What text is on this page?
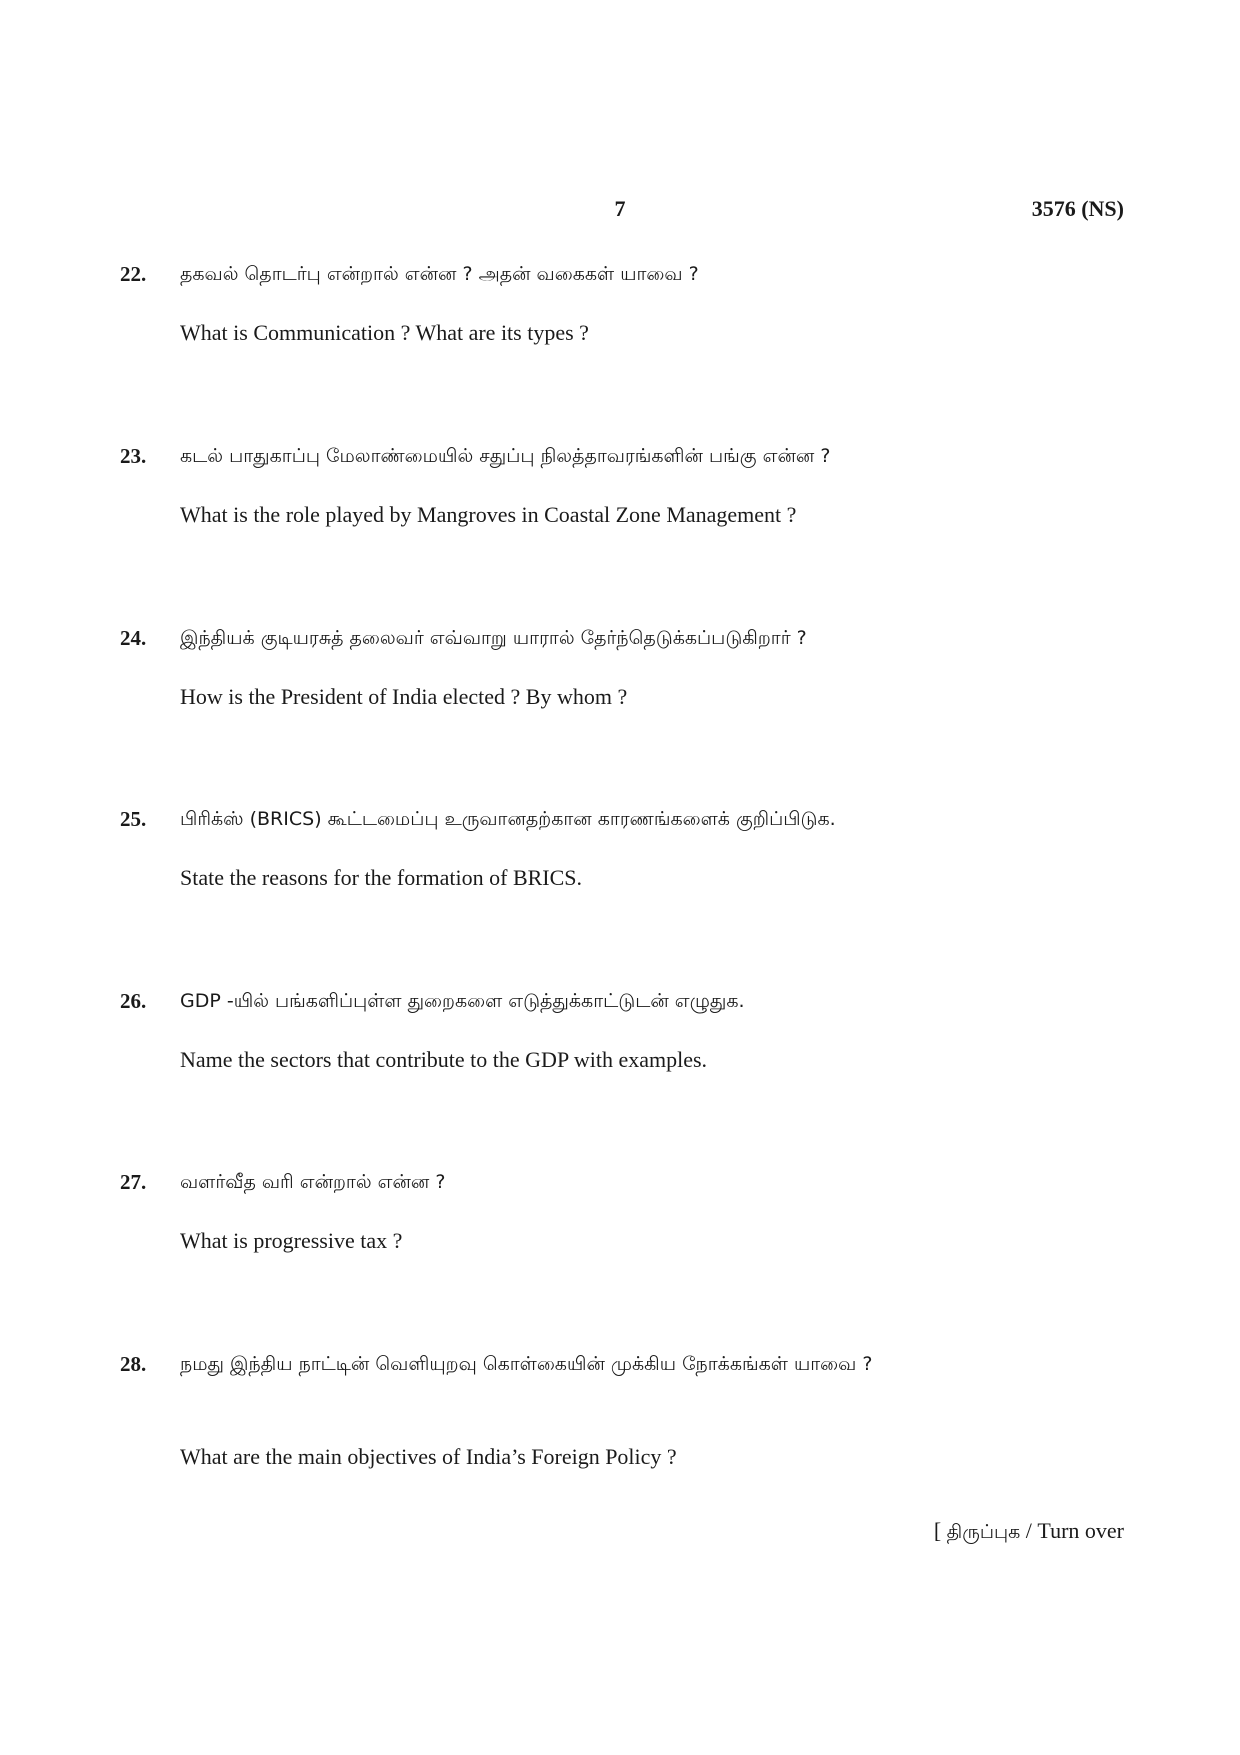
7	3576 (NS)
22. தகவல் தொடர்பு என்றால் என்ன ? அதன் வகைகள் யாவை ?
What is Communication ? What are its types ?
23. கடல் பாதுகாப்பு மேலாண்மையில் சதுப்பு நிலத்தாவரங்களின் பங்கு என்ன ?
What is the role played by Mangroves in Coastal Zone Management ?
24. இந்தியக் குடியரசுத் தலைவர் எவ்வாறு யாரால் தேர்ந்தெடுக்கப்படுகிறார் ?
How is the President of India elected ? By whom ?
25. பிரிக்ஸ் (BRICS) கூட்டமைப்பு உருவானதற்கான காரணங்களைக் குறிப்பிடுக.
State the reasons for the formation of BRICS.
26. GDP -யில் பங்களிப்புள்ள துறைகளை எடுத்துக்காட்டுடன் எழுதுக.
Name the sectors that contribute to the GDP with examples.
27. வளர்வீத வரி என்றால் என்ன ?
What is progressive tax ?
28. நமது இந்திய நாட்டின் வெளியுறவு கொள்கையின் முக்கிய நோக்கங்கள் யாவை ?
What are the main objectives of India’s Foreign Policy ?
[ திருப்புக / Turn over
